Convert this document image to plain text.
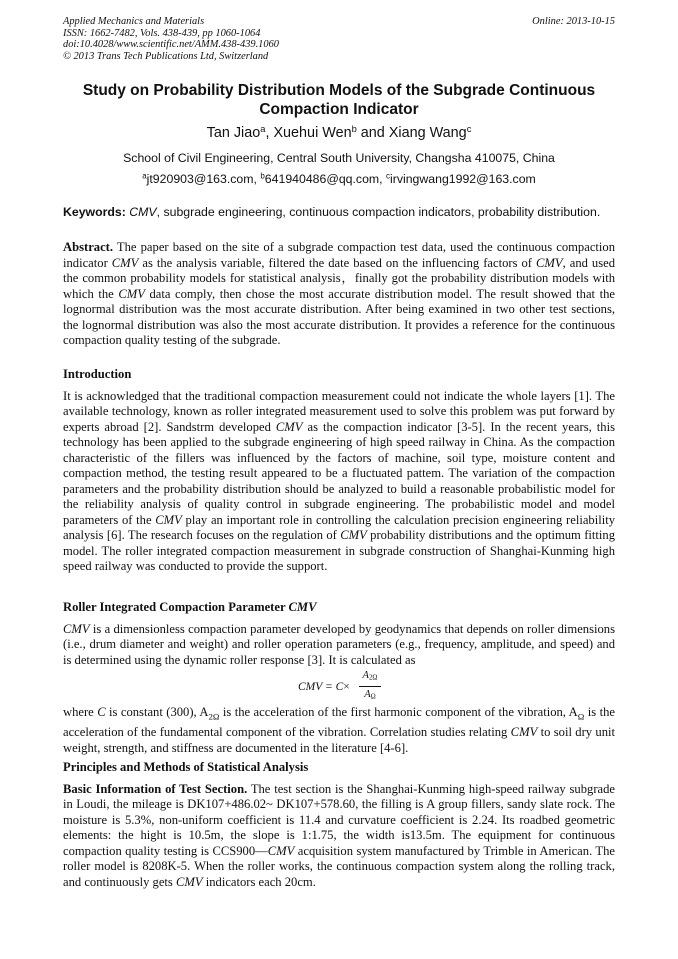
Applied Mechanics and Materials
ISSN: 1662-7482, Vols. 438-439, pp 1060-1064
doi:10.4028/www.scientific.net/AMM.438-439.1060
© 2013 Trans Tech Publications Ltd, Switzerland
Online: 2013-10-15
Study on Probability Distribution Models of the Subgrade Continuous
Compaction Indicator
Tan Jiao$^a$, Xuehui Wen$^b$ and Xiang Wang$^c$
School of Civil Engineering, Central South University, Changsha 410075, China
$^a$jt920903@163.com, $^b$641940486@qq.com, $^c$irvingwang1992@163.com
Keywords: CMV, subgrade engineering, continuous compaction indicators, probability distribution.

Abstract. The paper based on the site of a subgrade compaction test data, used the continuous compaction indicator CMV as the analysis variable, filtered the date based on the influencing factors of CMV, and used the common probability models for statistical analysis，finally got the probability distribution models with which the CMV data comply, then chose the most accurate distribution model. The result showed that the lognormal distribution was the most accurate distribution. After being examined in two other test sections, the lognormal distribution was also the most accurate distribution. It provides a reference for the continuous compaction quality testing of the subgrade.

Introduction

It is acknowledged that the traditional compaction measurement could not indicate the whole layers [1]. The available technology, known as roller integrated measurement used to solve this problem was put forward by experts abroad [2]. Sandstrm developed CMV as the compaction indicator [3-5]. In the recent years, this technology has been applied to the subgrade engineering of high speed railway in China. As the compaction characteristic of the fillers was influenced by the factors of machine, soil type, moisture content and compaction method, the testing result appeared to be a fluctuated pattem. The variation of the compaction parameters and the probability distribution should be analyzed to build a reasonable probabilistic model for the reliability analysis of quality control in subgrade engineering. The probabilistic model and model parameters of the CMV play an important role in controlling the calculation precision engineering reliability analysis [6]. The research focuses on the regulation of CMV probability distributions and the optimum fitting model. The roller integrated compaction measurement in subgrade construction of Shanghai-Kunming high speed railway was conducted to provide the support.

Roller Integrated Compaction Parameter CMV

CMV is a dimensionless compaction parameter developed by geodynamics that depends on roller dimensions (i.e., drum diameter and weight) and roller operation parameters (e.g., frequency, amplitude, and speed) and is determined using the dynamic roller response [3]. It is calculated as

CMV = C×
$A_{2\Omega}$
$A_\Omega$

where C is constant (300), $A_{2\Omega}$ is the acceleration of the first harmonic component of the vibration, $A_\Omega$ is the acceleration of the fundamental component of the vibration. Correlation studies relating CMV to soil dry unit weight, strength, and stiffness are documented in the literature [4-6].

Principles and Methods of Statistical Analysis

Basic Information of Test Section. The test section is the Shanghai-Kunming high-speed railway subgrade in Loudi, the mileage is DK107+486.02~ DK107+578.60, the filling is A group fillers, sandy slate rock. The moisture is 5.3%, non-uniform coefficient is 11.4 and curvature coefficient is 2.24. Its roadbed geometric elements: the hight is 10.5m, the slope is 1:1.75, the width is13.5m. The equipment for continuous compaction quality testing is CCS900—CMV acquisition system manufactured by Trimble in American. The roller model is 8208K-5. When the roller works, the continuous compaction system along the rolling track, and continuously gets CMV indicators each 20cm.
